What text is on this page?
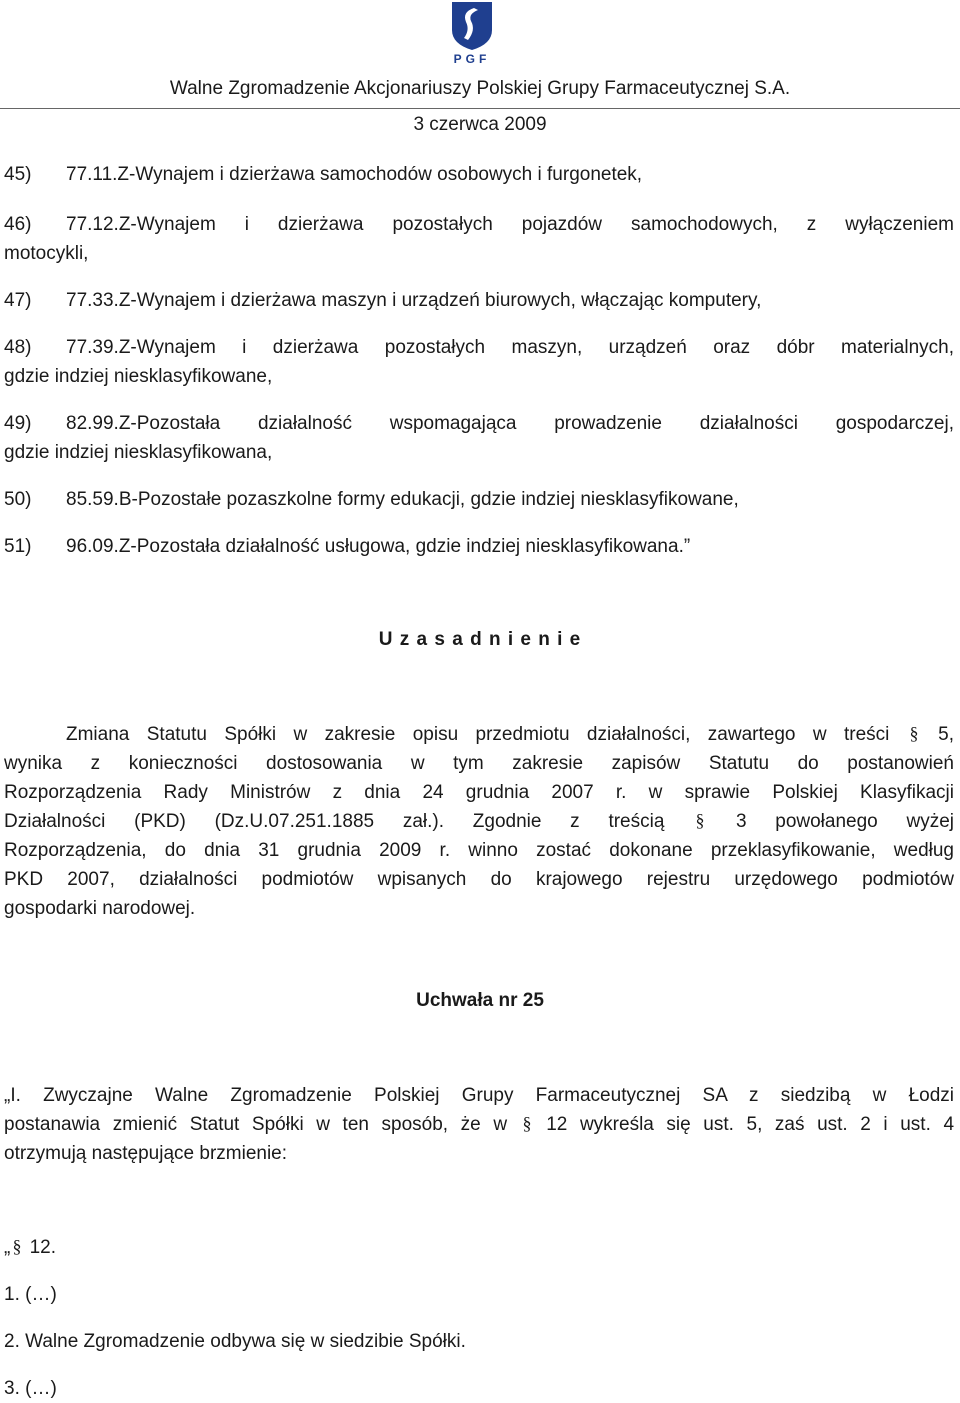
PGF
Walne Zgromadzenie Akcjonariuszy Polskiej Grupy Farmaceutycznej S.A.
3 czerwca 2009
45) 77.11.Z-Wynajem i dzierżawa samochodów osobowych i furgonetek,
46) 77.12.Z-Wynajem i dzierżawa pozostałych pojazdów samochodowych, z wyłączeniem
motocykli,
47) 77.33.Z-Wynajem i dzierżawa maszyn i urządzeń biurowych, włączając komputery,
48) 77.39.Z-Wynajem i dzierżawa pozostałych maszyn, urządzeń oraz dóbr materialnych,
gdzie indziej niesklasyfikowane,
49) 82.99.Z-Pozostała działalność wspomagająca prowadzenie działalności gospodarczej,
gdzie indziej niesklasyfikowana,
50) 85.59.B-Pozostałe pozaszkolne formy edukacji, gdzie indziej niesklasyfikowane,
51) 96.09.Z-Pozostała działalność usługowa, gdzie indziej niesklasyfikowana.”
U z a s a d n i e n i e
Zmiana Statutu Spółki w zakresie opisu przedmiotu działalności, zawartego w treści § 5,
wynika z konieczności dostosowania w tym zakresie zapisów Statutu do postanowień
Rozporządzenia Rady Ministrów z dnia 24 grudnia 2007 r. w sprawie Polskiej Klasyfikacji
Działalności (PKD) (Dz.U.07.251.1885 zał.). Zgodnie z treścią § 3 powołanego wyżej
Rozporządzenia, do dnia 31 grudnia 2009 r. winno zostać dokonane przeklasyfikowanie, według
PKD 2007, działalności podmiotów wpisanych do krajowego rejestru urzędowego podmiotów
gospodarki narodowej.
Uchwała nr 25
„I. Zwyczajne Walne Zgromadzenie Polskiej Grupy Farmaceutycznej SA z siedzibą w Łodzi
postanawia zmienić Statut Spółki w ten sposób, że w § 12 wykreśla się ust. 5, zaś ust. 2 i ust. 4
otrzymują następujące brzmienie:
„ § 12.
1. (…)
2. Walne Zgromadzenie odbywa się w siedzibie Spółki.
3. (…)
